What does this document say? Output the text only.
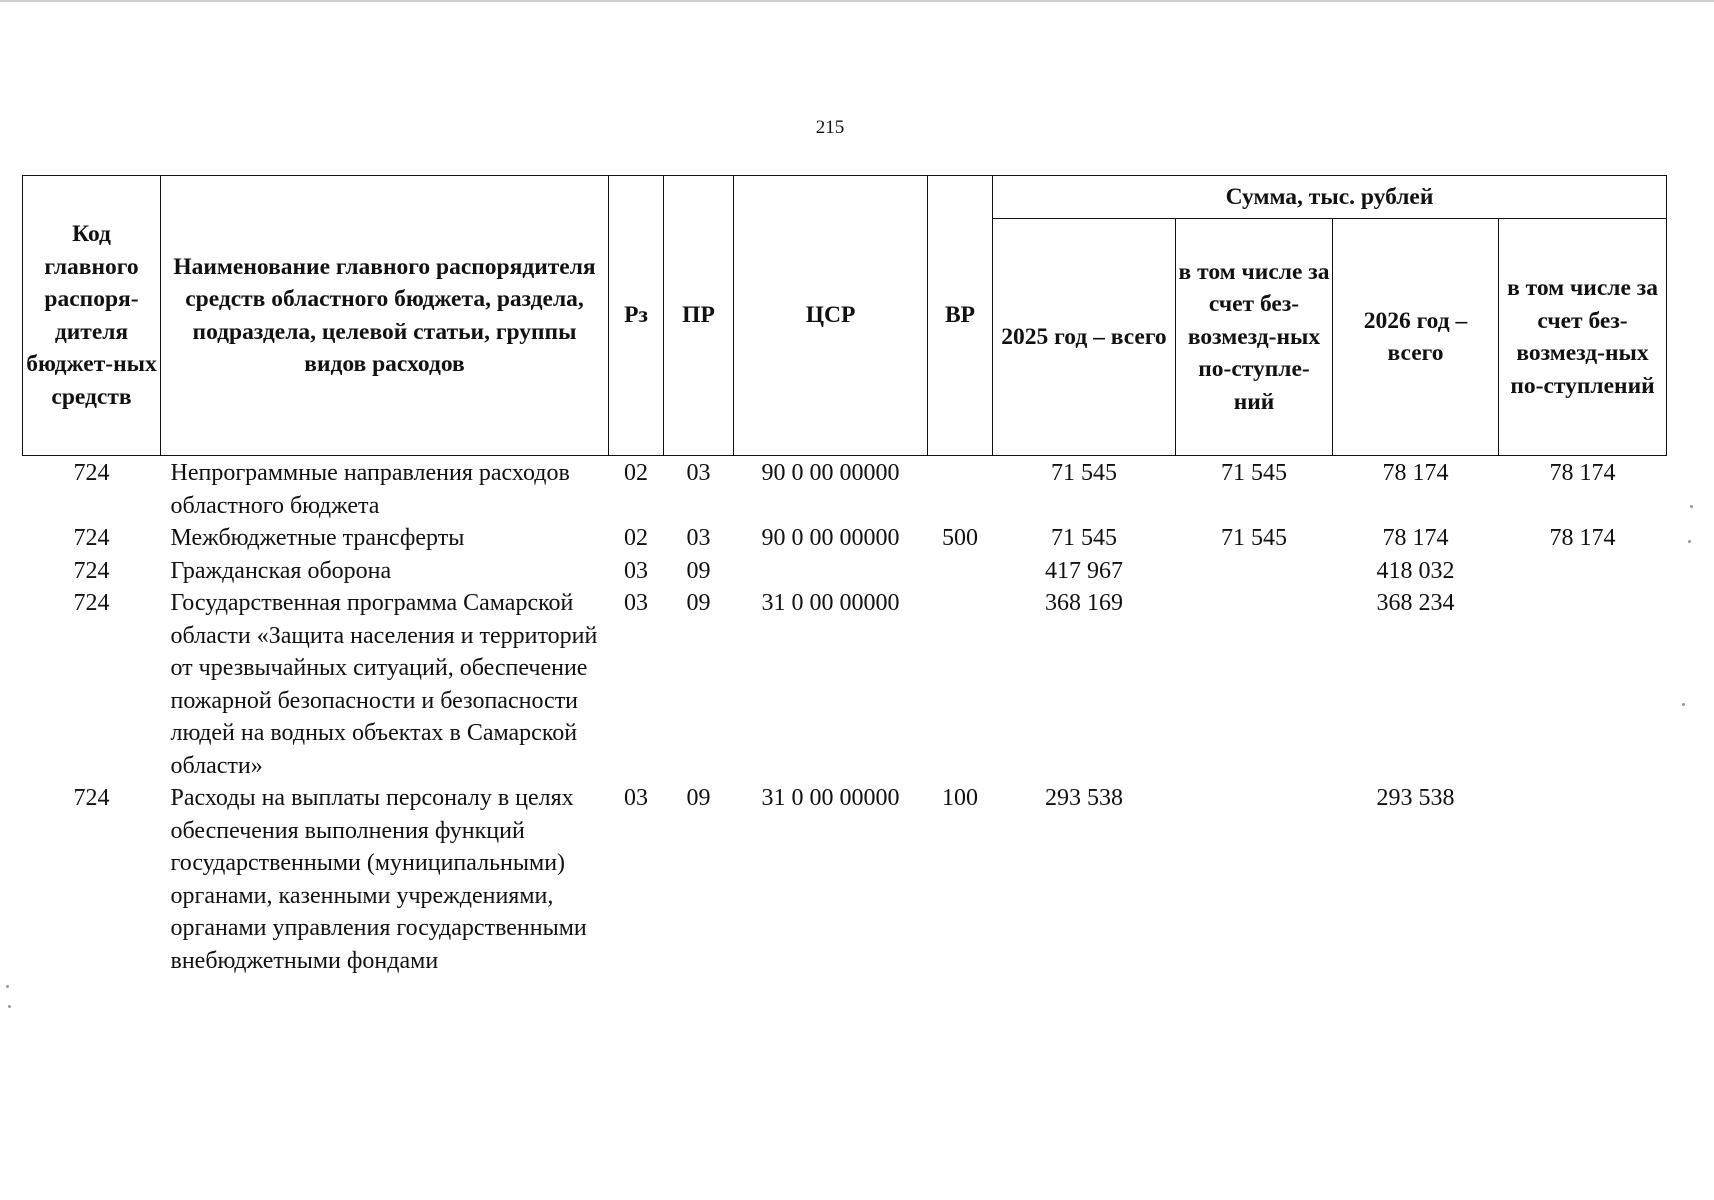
215
Код главного распоря-дителя бюджет-ных средств	Наименование главного распорядителя средств областного бюджета, раздела, подраздела, целевой статьи, группы видов расходов	Рз	ПР	ЦСР	ВР	Сумма, тыс. рублей			
						2025 год – всего	в том числе за счет без-возмезд-ных по-ступле-ний	2026 год – всего	в том числе за счет без-возмезд-ных по-ступлений
724	Непрограммные направления расходов областного бюджета	02	03	90 0 00 00000		71 545	71 545	78 174	78 174
724	Межбюджетные трансферты	02	03	90 0 00 00000	500	71 545	71 545	78 174	78 174
724	Гражданская оборона	03	09			417 967		418 032	
724	Государственная программа Самарской области «Защита населения и территорий от чрезвычайных ситуаций, обеспечение пожарной безопасности и безопасности людей на водных объектах в Самарской области»	03	09	31 0 00 00000		368 169		368 234	
724	Расходы на выплаты персоналу в целях обеспечения выполнения функций государственными (муниципальными) органами, казенными учреждениями, органами управления государственными внебюджетными фондами	03	09	31 0 00 00000	100	293 538		293 538	
